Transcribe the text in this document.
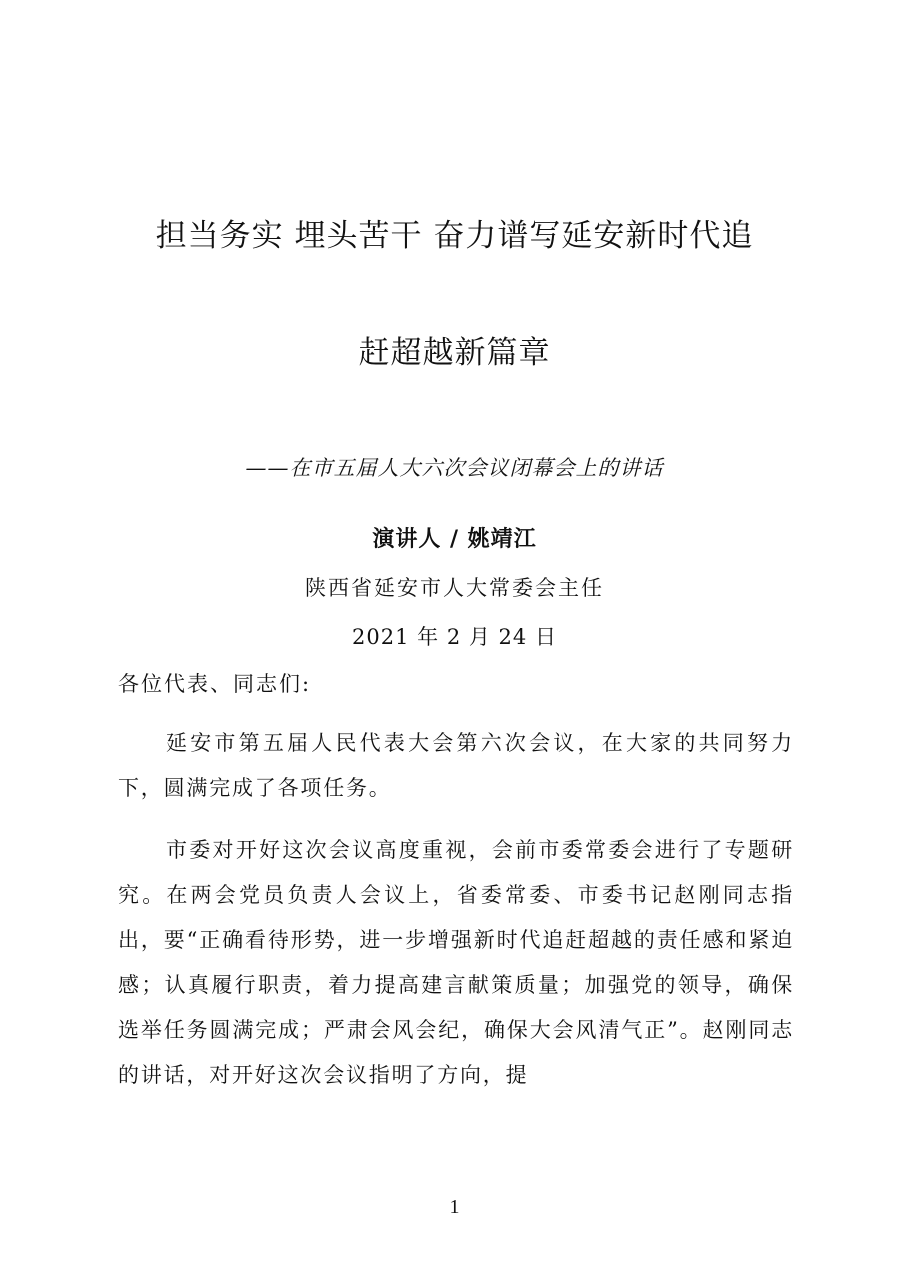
担当务实 埋头苦干 奋力谱写延安新时代追
赶超越新篇章
——在市五届人大六次会议闭幕会上的讲话
演讲人 / 姚靖江
陕西省延安市人大常委会主任
2021 年 2 月 24 日
各位代表、同志们:
延安市第五届人民代表大会第六次会议，在大家的共同努力下，圆满完成了各项任务。
市委对开好这次会议高度重视，会前市委常委会进行了专题研究。在两会党员负责人会议上，省委常委、市委书记赵刚同志指出，要“正确看待形势，进一步增强新时代追赶超越的责任感和紧迫感；认真履行职责，着力提高建言献策质量；加强党的领导，确保选举任务圆满完成；严肃会风会纪，确保大会风清气正”。赵刚同志的讲话，对开好这次会议指明了方向，提
1
